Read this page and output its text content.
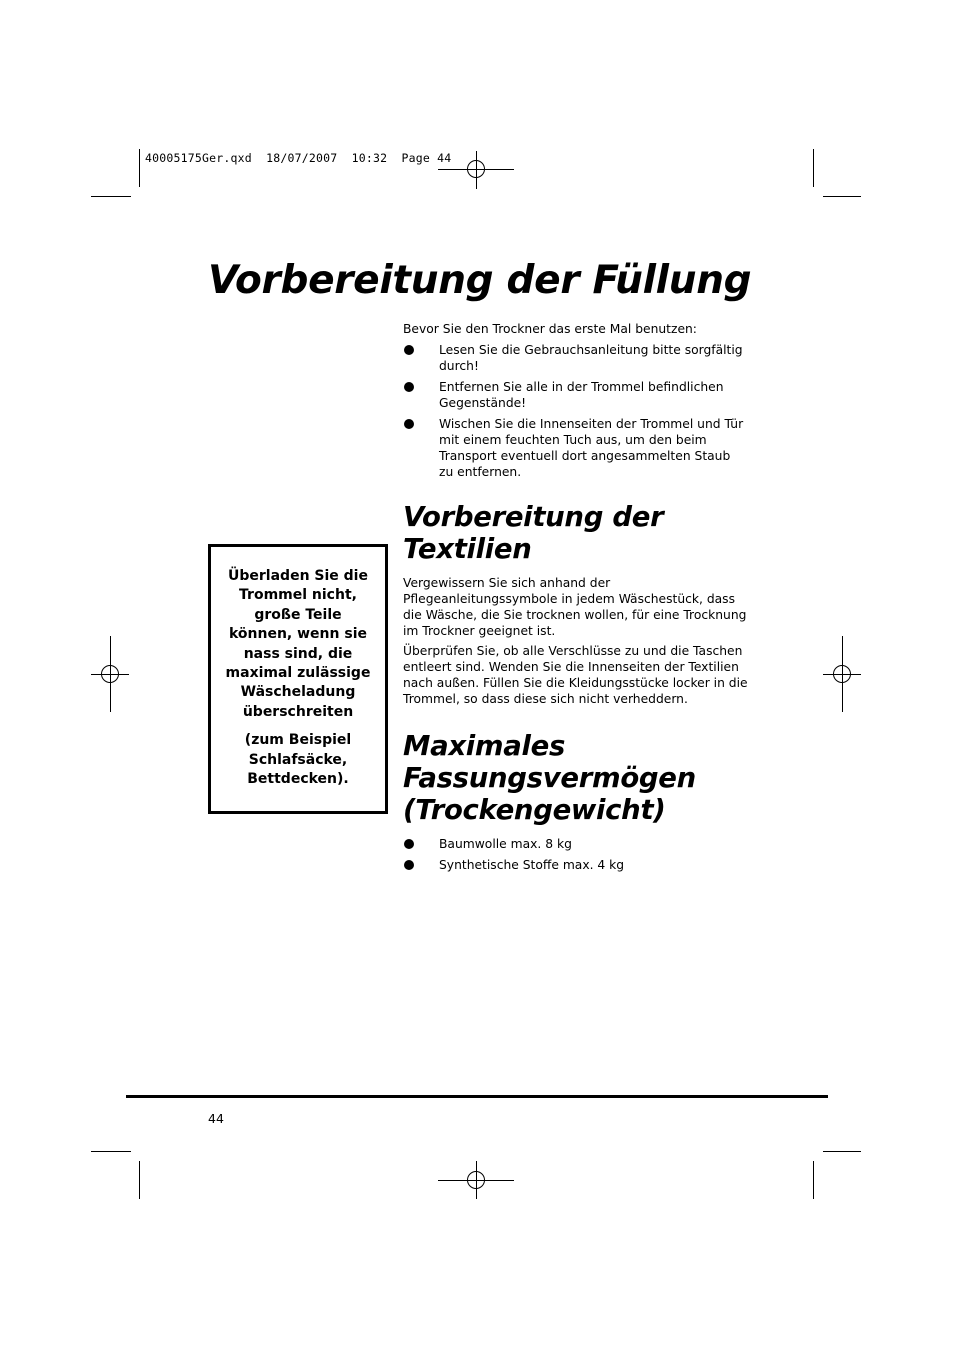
40005175Ger.qxd  18/07/2007  10:32  Page 44
Vorbereitung der Füllung

Bevor Sie den Trockner das erste Mal benutzen:

Lesen Sie die Gebrauchsanleitung bitte sorgfältig durch!
Entfernen Sie alle in der Trommel befindlichen Gegenstände!
Wischen Sie die Innenseiten der Trommel und Tür mit einem feuchten Tuch aus, um den beim Transport eventuell dort angesammelten Staub zu entfernen.
Vorbereitung der
Textilien

Vergewissern Sie sich anhand der Pflegeanleitungssymbole in jedem Wäschestück, dass die Wäsche, die Sie trocknen wollen, für eine Trocknung im Trockner geeignet ist.

Überprüfen Sie, ob alle Verschlüsse zu und die Taschen entleert sind. Wenden Sie die Innenseiten der Textilien nach außen. Füllen Sie die Kleidungsstücke locker in die Trommel, so dass diese sich nicht verheddern.

Maximales
Fassungsvermögen
(Trockengewicht)
Baumwolle max. 8 kg
Synthetische Stoffe max. 4 kg

Überladen Sie die Trommel nicht, große Teile können, wenn sie nass sind, die maximal zulässige Wäscheladung überschreiten

(zum Beispiel Schlafsäcke, Bettdecken).

44
